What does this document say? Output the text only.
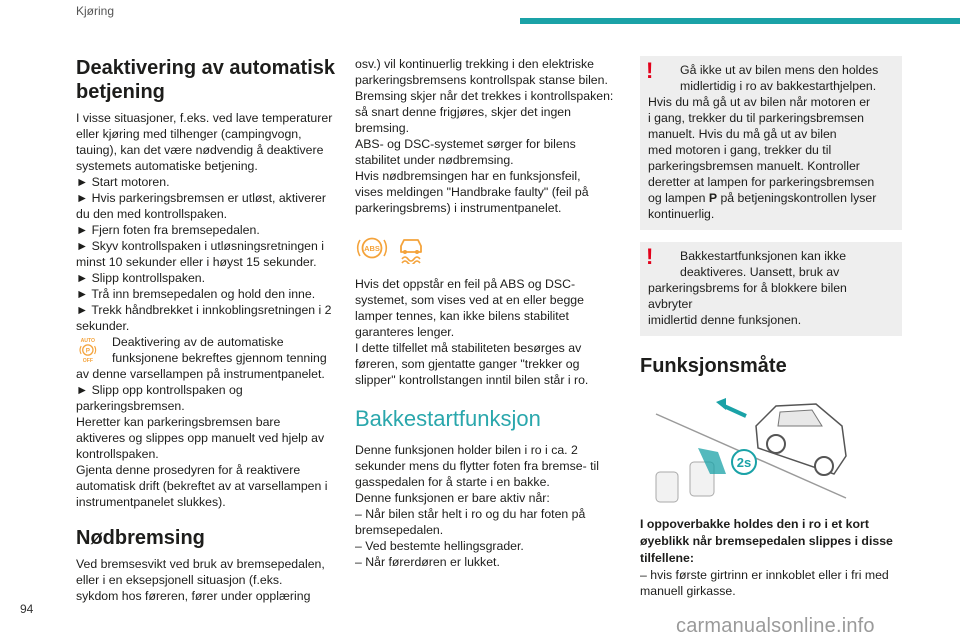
Kjøring
Deaktivering av automatisk betjening

I visse situasjoner, f.eks. ved lave temperaturer

eller kjøring med tilhenger (campingvogn,

tauing), kan det være nødvendig å deaktivere

systemets automatiske betjening.

► Start motoren.

► Hvis parkeringsbremsen er utløst, aktiverer

du den med kontrollspaken.

► Fjern foten fra bremsepedalen.

► Skyv kontrollspaken i utløsningsretningen i

minst 10 sekunder eller i høyst 15 sekunder.

► Slipp kontrollspaken.

► Trå inn bremsepedalen og hold den inne.

► Trekk håndbrekket i innkoblingsretningen i 2

sekunder.

AUTO
P
OFF

Deaktivering av de automatiske

funksjonene bekreftes gjennom tenning

av denne varsellampen på instrumentpanelet.

► Slipp opp kontrollspaken og

parkeringsbremsen.

Heretter kan parkeringsbremsen bare

aktiveres og slippes opp manuelt ved hjelp av

kontrollspaken.

Gjenta denne prosedyren for å reaktivere

automatisk drift (bekreftet av at varsellampen i

instrumentpanelet slukkes).

Nødbremsing

Ved bremsesvikt ved bruk av bremsepedalen,

eller i en eksepsjonell situasjon (f.eks.

sykdom hos føreren, fører under opplæring

osv.) vil kontinuerlig trekking i den elektriske

parkeringsbremsens kontrollspak stanse bilen.

Bremsing skjer når det trekkes i kontrollspaken:

så snart denne frigjøres, skjer det ingen

bremsing.

ABS- og DSC-systemet sørger for bilens

stabilitet under nødbremsing.

Hvis nødbremsingen har en funksjonsfeil,

vises meldingen "Handbrake faulty" (feil på

parkeringsbrems) i instrumentpanelet.

ABS

Hvis det oppstår en feil på ABS og DSC-

systemet, som vises ved at en eller begge

lamper tennes, kan ikke bilens stabilitet

garanteres lenger.

I dette tilfellet må stabiliteten besørges av

føreren, som gjentatte ganger "trekker og

slipper" kontrollstangen inntil bilen står i ro.

Bakkestartfunksjon

Denne funksjonen holder bilen i ro i ca. 2

sekunder mens du flytter foten fra bremse- til

gasspedalen for å starte i en bakke.

Denne funksjonen er bare aktiv når:

– Når bilen står helt i ro og du har foten på

bremsepedalen.

– Ved bestemte hellingsgrader.

– Når førerdøren er lukket.

! Gå ikke ut av bilen mens den holdes

midlertidig i ro av bakkestarthjelpen.

Hvis du må gå ut av bilen når motoren er

i gang, trekker du til parkeringsbremsen

manuelt. Hvis du må gå ut av bilen

med motoren i gang, trekker du til

parkeringsbremsen manuelt. Kontroller

deretter at lampen for parkeringsbremsen

og lampen P på betjeningskontrollen lyser

kontinuerlig.

! Bakkestartfunksjonen kan ikke

deaktiveres. Uansett, bruk av

parkeringsbrems for å blokkere bilen avbryter

imidlertid denne funksjonen.

Funksjonsmåte
2s

I oppoverbakke holdes den i ro i et kort

øyeblikk når bremsepedalen slippes i disse

tilfellene:

– hvis første girtrinn er innkoblet eller i fri med

manuell girkasse.

94
carmanualsonline.info
